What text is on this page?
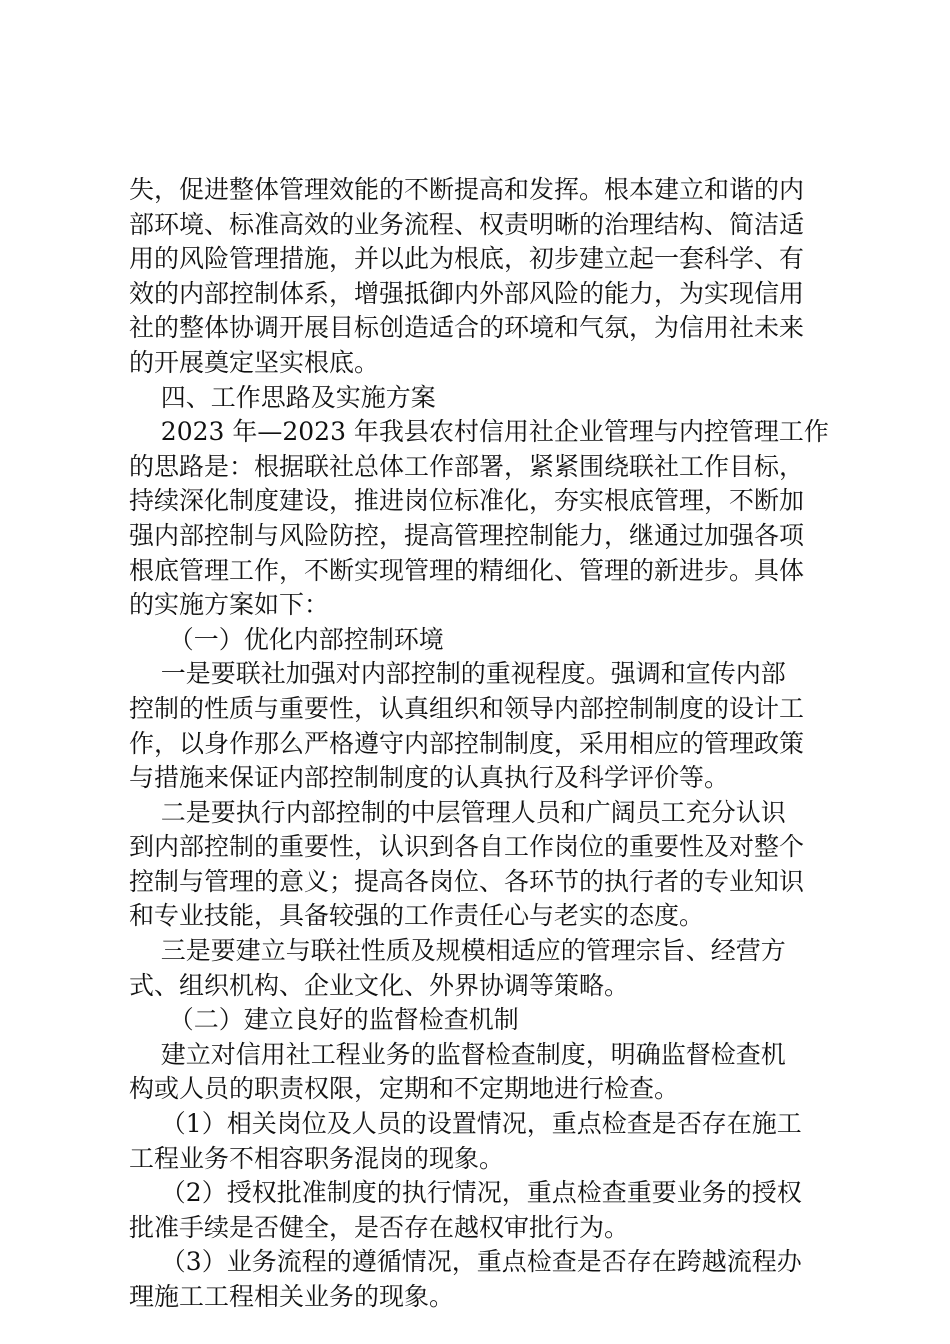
失，促进整体管理效能的不断提高和发挥。根本建立和谐的内
部环境、标准高效的业务流程、权责明晰的治理结构、简洁适
用的风险管理措施，并以此为根底，初步建立起一套科学、有
效的内部控制体系，增强抵御内外部风险的能力，为实现信用
社的整体协调开展目标创造适合的环境和气氛，为信用社未来
的开展奠定坚实根底。
四、工作思路及实施方案
2023 年—2023 年我县农村信用社企业管理与内控管理工作
的思路是：根据联社总体工作部署，紧紧围绕联社工作目标，
持续深化制度建设，推进岗位标准化，夯实根底管理，不断加
强内部控制与风险防控，提高管理控制能力，继通过加强各项
根底管理工作，不断实现管理的精细化、管理的新进步。具体
的实施方案如下：
（一）优化内部控制环境
一是要联社加强对内部控制的重视程度。强调和宣传内部
控制的性质与重要性，认真组织和领导内部控制制度的设计工
作，以身作那么严格遵守内部控制制度，采用相应的管理政策
与措施来保证内部控制制度的认真执行及科学评价等。
二是要执行内部控制的中层管理人员和广阔员工充分认识
到内部控制的重要性，认识到各自工作岗位的重要性及对整个
控制与管理的意义；提高各岗位、各环节的执行者的专业知识
和专业技能，具备较强的工作责任心与老实的态度。
三是要建立与联社性质及规模相适应的管理宗旨、经营方
式、组织机构、企业文化、外界协调等策略。
（二）建立良好的监督检查机制
建立对信用社工程业务的监督检查制度，明确监督检查机
构或人员的职责权限，定期和不定期地进行检查。
（1）相关岗位及人员的设置情况，重点检查是否存在施工
工程业务不相容职务混岗的现象。
（2）授权批准制度的执行情况，重点检查重要业务的授权
批准手续是否健全，是否存在越权审批行为。
（3）业务流程的遵循情况，重点检查是否存在跨越流程办
理施工工程相关业务的现象。
